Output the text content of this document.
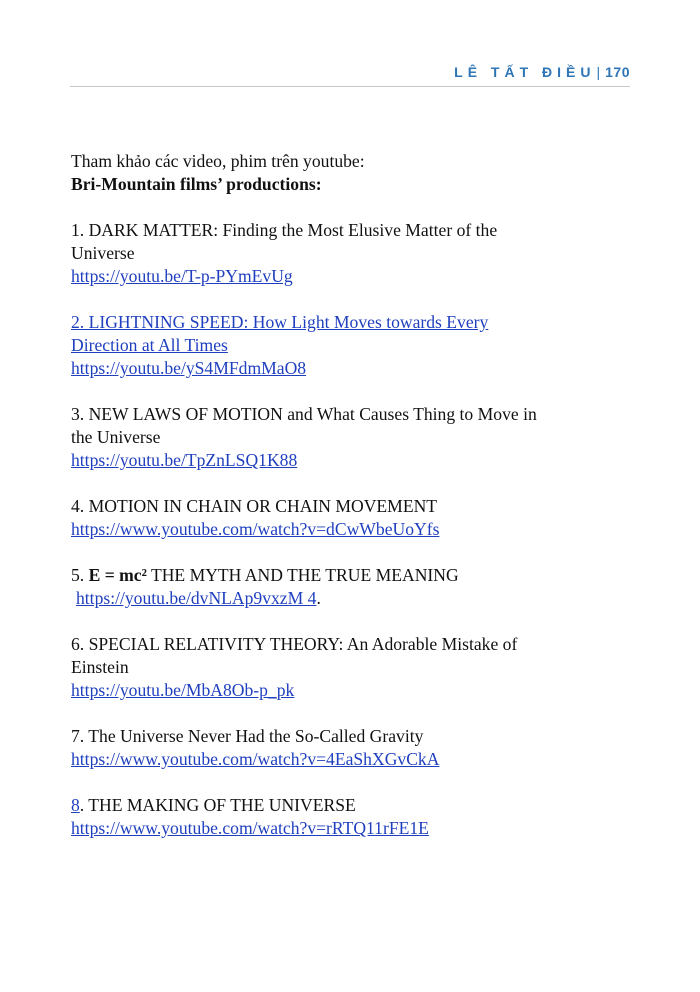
LÊ TẤT ĐIỀU| 170
Tham khảo các video, phim trên youtube:
Bri-Mountain films’ productions:
1. DARK MATTER: Finding the Most Elusive Matter of the
Universe
https://youtu.be/T-p-PYmEvUg
2. LIGHTNING SPEED: How Light Moves towards Every
Direction at All Times
https://youtu.be/yS4MFdmMaO8
3. NEW LAWS OF MOTION and What Causes Thing to Move in
the Universe
https://youtu.be/TpZnLSQ1K88
4. MOTION IN CHAIN OR CHAIN MOVEMENT
https://www.youtube.com/watch?v=dCwWbeUoYfs
5. E = mc² THE MYTH AND THE TRUE MEANING
https://youtu.be/dvNLAp9vxzM 4.
6. SPECIAL RELATIVITY THEORY: An Adorable Mistake of
Einstein
https://youtu.be/MbA8Ob-p_pk
7. The Universe Never Had the So-Called Gravity
https://www.youtube.com/watch?v=4EaShXGvCkA
8. THE MAKING OF THE UNIVERSE
https://www.youtube.com/watch?v=rRTQ11rFE1E
